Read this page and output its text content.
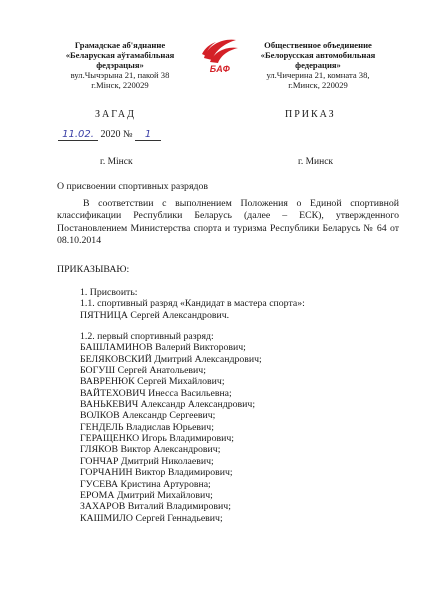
Грамадскае аб'яднанне
«Беларуская аўтамабільная
федэрацыя»
вул.Чычэрына 21, пакой 38
г.Мінск, 220029
БАФ
Общественное объединение
«Белорусская автомобильная
федерация»
ул.Чичерина 21, комната 38,
г.Минск, 220029
ЗАГАД	ПРИКАЗ
11.02. 2020 № 1
г. Мінск	г. Минск
О присвоении спортивных разрядов
В соответствии с выполнением Положения о Единой спортивной классификации Республики Беларусь (далее – ЕСК), утвержденного Постановлением Министерства спорта и туризма Республики Беларусь № 64 от 08.10.2014
ПРИКАЗЫВАЮ:
1. Присвоить:
1.1. спортивный разряд «Кандидат в мастера спорта»:
ПЯТНИЦА Сергей Александрович.
1.2. первый спортивный разряд:
БАШЛАМИНОВ Валерий Викторович;
БЕЛЯКОВСКИЙ Дмитрий Александрович;
БОГУШ Сергей Анатольевич;
ВАВРЕНЮК Сергей Михайлович;
ВАЙТЕХОВИЧ Инесса Васильевна;
ВАНЬКЕВИЧ Александр Александрович;
ВОЛКОВ Александр Сергеевич;
ГЕНДЕЛЬ Владислав Юрьевич;
ГЕРАЩЕНКО Игорь Владимирович;
ГЛЯКОВ Виктор Александрович;
ГОНЧАР Дмитрий Николаевич;
ГОРЧАНИН Виктор Владимирович;
ГУСЕВА Кристина Артуровна;
ЕРОМА Дмитрий Михайлович;
ЗАХАРОВ Виталий Владимирович;
КАШМИЛО Сергей Геннадьевич;
